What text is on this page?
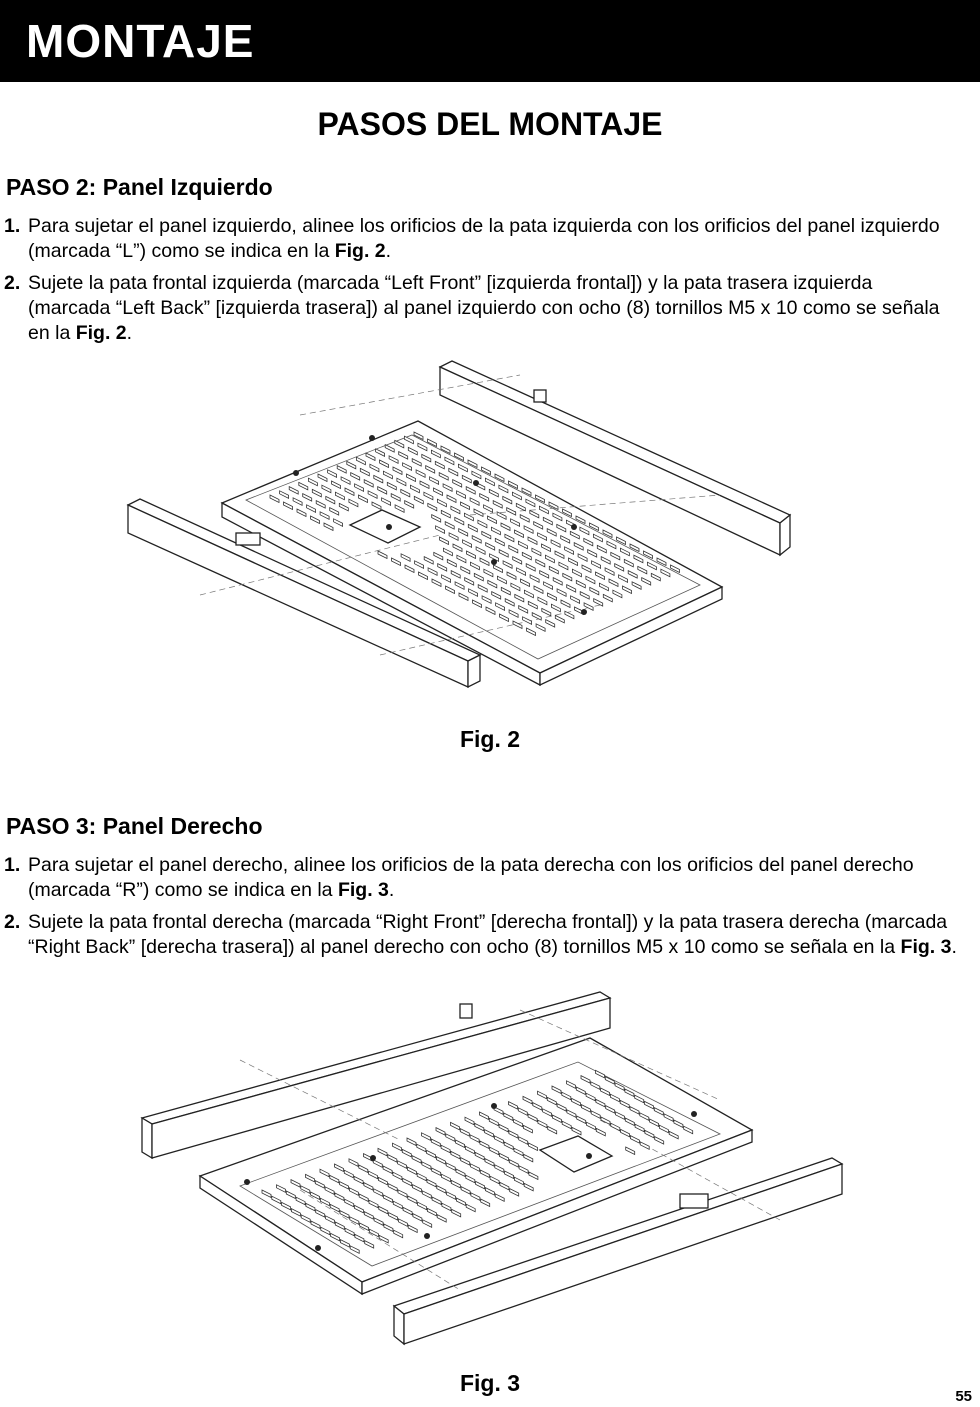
MONTAJE
PASOS DEL MONTAJE
PASO 2: Panel Izquierdo
1. Para sujetar el panel izquierdo, alinee los orificios de la pata izquierda con los orificios del panel izquierdo (marcada “L”) como se indica en la Fig. 2.
2. Sujete la pata frontal izquierda (marcada “Left Front” [izquierda frontal]) y la pata trasera izquierda (marcada “Left Back” [izquierda trasera]) al panel izquierdo con ocho (8) tornillos M5 x 10 como se señala en la Fig. 2.
Fig. 2
PASO 3: Panel Derecho
1. Para sujetar el panel derecho, alinee los orificios de la pata derecha con los orificios del panel derecho (marcada “R”) como se indica en la Fig. 3.
2. Sujete la pata frontal derecha (marcada “Right Front” [derecha frontal]) y la pata trasera derecha (marcada “Right Back” [derecha trasera]) al panel derecho con ocho (8) tornillos M5 x 10 como se señala en la Fig. 3.
Fig. 3
55
